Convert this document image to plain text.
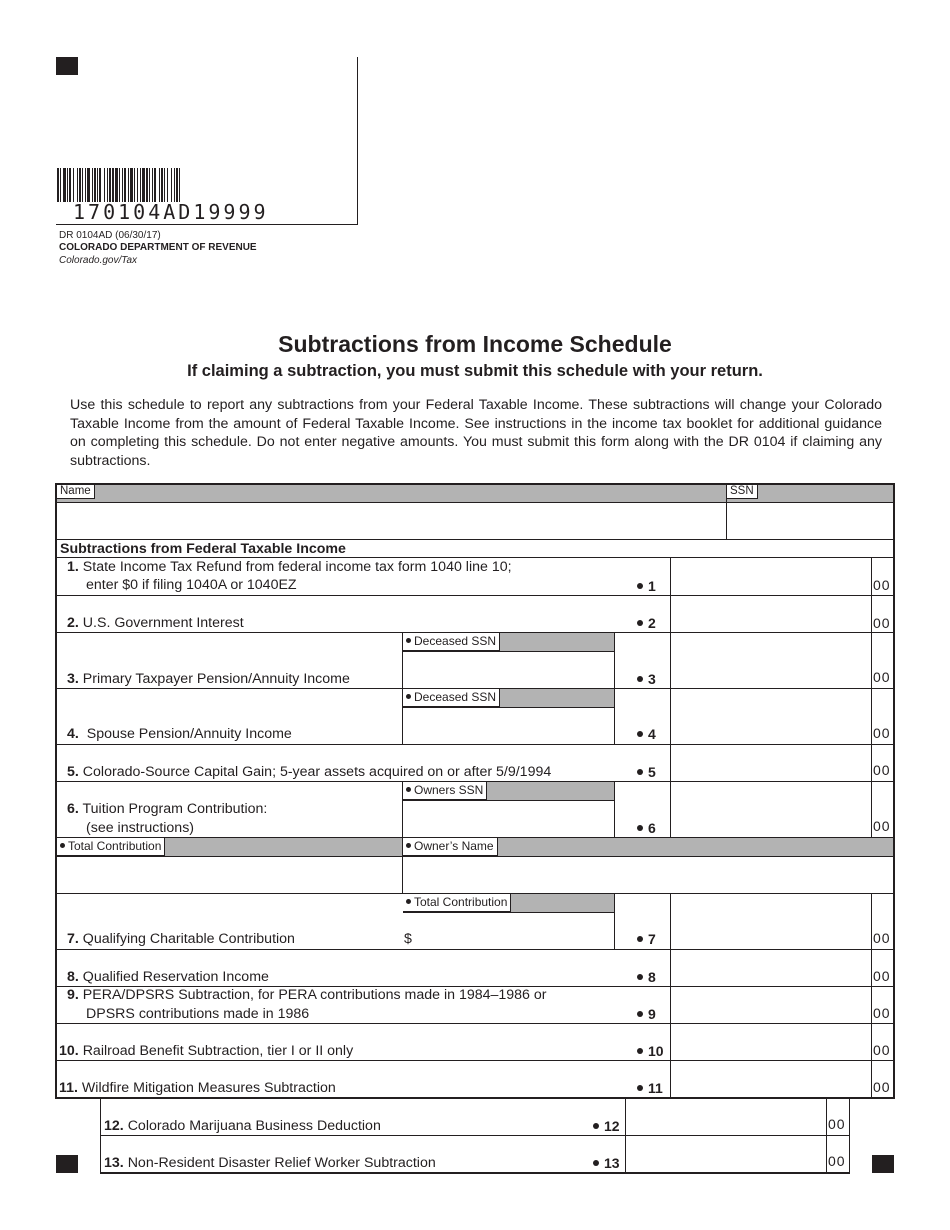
170104AD19999
DR 0104AD (06/30/17)
COLORADO DEPARTMENT OF REVENUE
Colorado.gov/Tax
Subtractions from Income Schedule
If claiming a subtraction, you must submit this schedule with your return.
Use this schedule to report any subtractions from your Federal Taxable Income. These subtractions will change your Colorado Taxable Income from the amount of Federal Taxable Income. See instructions in the income tax booklet for additional guidance on completing this schedule. Do not enter negative amounts. You must submit this form along with the DR 0104 if claiming any subtractions.
Name	SSN
Subtractions from Federal Taxable Income
1. State Income Tax Refund from federal income tax form 1040 line 10;
enter $0 if filing 1040A or 1040EZ	1	00
2. U.S. Government Interest	2	00
Deceased SSN
3. Primary Taxpayer Pension/Annuity Income	3	00
Deceased SSN
4. Spouse Pension/Annuity Income	4	00
5. Colorado-Source Capital Gain; 5-year assets acquired on or after 5/9/1994	5	00
Owners SSN
6. Tuition Program Contribution:
(see instructions)	6	00
Total Contribution	Owner’s Name
Total Contribution
$
7. Qualifying Charitable Contribution	7	00
8. Qualified Reservation Income	8	00
9. PERA/DPSRS Subtraction, for PERA contributions made in 1984–1986 or
DPSRS contributions made in 1986	9	00
10. Railroad Benefit Subtraction, tier I or II only	10	00
11. Wildfire Mitigation Measures Subtraction	11	00
12. Colorado Marijuana Business Deduction	12	00
13. Non-Resident Disaster Relief Worker Subtraction	13	00
